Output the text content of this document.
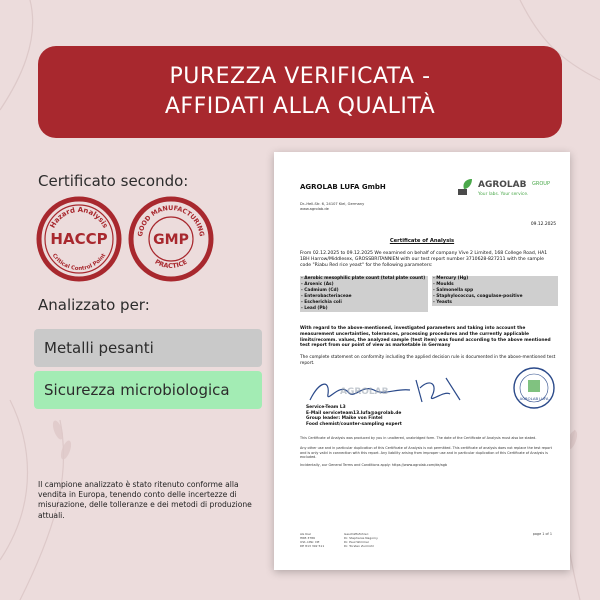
PUREZZA VERIFICATA -
AFFIDATI ALLA QUALITÀ
Certificato secondo:
Hazard Analysis
HACCP
Critical Control Point
GOOD MANUFACTURING
GMP
PRACTICE
Analizzato per:
Metalli pesanti
Sicurezza microbiologica
Il campione analizzato è stato ritenuto conforme alla vendita in Europa, tenendo conto delle incertezze di misurazione, delle tolleranze e dei metodi di produzione attuali.
AGROLAB LUFA GmbH
Dr.-Hell-Str. 6, 24107 Kiel, Germany
www.agrolab.de
AGROLAB GROUP
Your labs. Your service.
09.12.2025
Certificate of Analysis
From 02.12.2025 to 09.12.2025 We examined on behalf of company Vive 2 Limited, 168 College Road, HA1 1BH Harrow/Middlesex, GROSSBRITANNIEN with our test report number 3710628-827211 with the sample code "Riabu Red rice yeast" for the following parameters:
- Aerobic mesophilic plate count (total plate count)
- Arsenic (As)
- Cadmium (Cd)
- Enterobacteriaceae
- Escherichia coli
- Lead (Pb)
- Mercury (Hg)
- Moulds
- Salmonella spp
- Staphylococcus, coagulase-positive
- Yeasts
With regard to the above-mentioned, investigated parameters and taking into account the measurement uncertainties, tolerances, processing procedures and the currently applicable limits/recomm. values, the analyzed sample (test item) was found according to the above mentioned test report from our point of view as marketable in Germany
The complete statement on conformity including the applied decision rule is documented in the above-mentioned test report.
AGROLAB
AGROLAB LUFA
Service-Team L3
E-Mail serviceteam13.lufa@agrolab.de
Group leader: Maike von Fintel
Food chemist/counter-sampling expert
This Certificate of Analysis was produced by you in unaltered, unabridged form. The date of the Certificate of Analysis must also be stated.
Any other use and in particular duplication of this Certificate of Analysis is not permitted. This certificate of analysis does not replace the test report and is only valid in connection with this report. Any liability arising from improper use and in particular duplication of this Certificate of Analysis is excluded.
Incidentally, our General Terms and Conditions apply: https://www.agrolab.com/de/agb
AG Kiel
HRB 3786
USt.-IdNr. DE
DE 813 392 511
Geschäftsführer:
Dr. Stephanie Nagorny
Dr. Paul Wimmer
Dr. Torsten Zurmühl
page 1 of 1
